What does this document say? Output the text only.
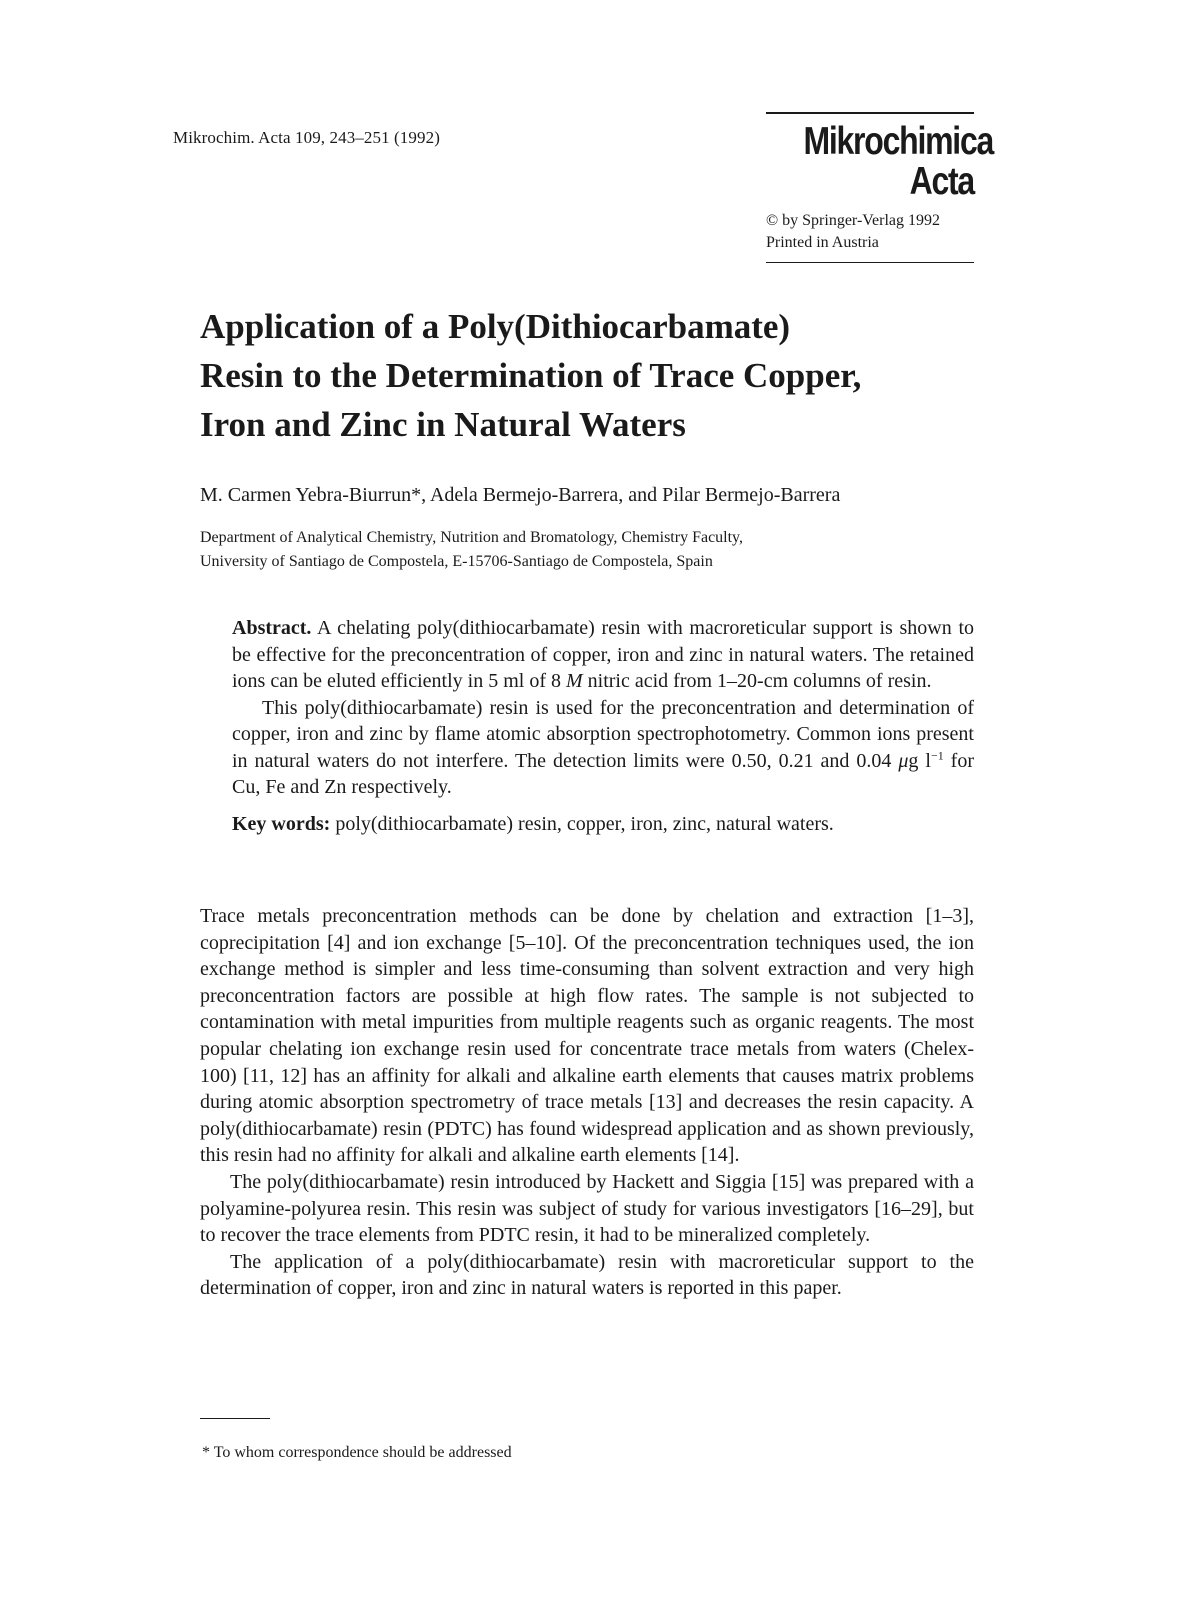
Mikrochim. Acta 109, 243–251 (1992)	Mikrochimica
Acta
© by Springer-Verlag 1992
Printed in Austria
Application of a Poly(Dithiocarbamate)
Resin to the Determination of Trace Copper,
Iron and Zinc in Natural Waters
M. Carmen Yebra-Biurrun*, Adela Bermejo-Barrera, and Pilar Bermejo-Barrera
Department of Analytical Chemistry, Nutrition and Bromatology, Chemistry Faculty,
University of Santiago de Compostela, E-15706-Santiago de Compostela, Spain

Abstract. A chelating poly(dithiocarbamate) resin with macroreticular support is shown to be effective for the preconcentration of copper, iron and zinc in natural waters. The retained ions can be eluted efficiently in 5 ml of 8 M nitric acid from 1–20-cm columns of resin.

This poly(dithiocarbamate) resin is used for the preconcentration and determination of copper, iron and zinc by flame atomic absorption spectrophotometry. Common ions present in natural waters do not interfere. The detection limits were 0.50, 0.21 and 0.04 μg $l^{-1}$ for Cu, Fe and Zn respectively.

Key words: poly(dithiocarbamate) resin, copper, iron, zinc, natural waters.

Trace metals preconcentration methods can be done by chelation and extraction [1–3], coprecipitation [4] and ion exchange [5–10]. Of the preconcentration techniques used, the ion exchange method is simpler and less time-consuming than solvent extraction and very high preconcentration factors are possible at high flow rates. The sample is not subjected to contamination with metal impurities from multiple reagents such as organic reagents. The most popular chelating ion exchange resin used for concentrate trace metals from waters (Chelex-100) [11, 12] has an affinity for alkali and alkaline earth elements that causes matrix problems during atomic absorption spectrometry of trace metals [13] and decreases the resin capacity. A poly(dithiocarbamate) resin (PDTC) has found widespread application and as shown previously, this resin had no affinity for alkali and alkaline earth elements [14].

The poly(dithiocarbamate) resin introduced by Hackett and Siggia [15] was prepared with a polyamine-polyurea resin. This resin was subject of study for various investigators [16–29], but to recover the trace elements from PDTC resin, it had to be mineralized completely.

The application of a poly(dithiocarbamate) resin with macroreticular support to the determination of copper, iron and zinc in natural waters is reported in this paper.

* To whom correspondence should be addressed
